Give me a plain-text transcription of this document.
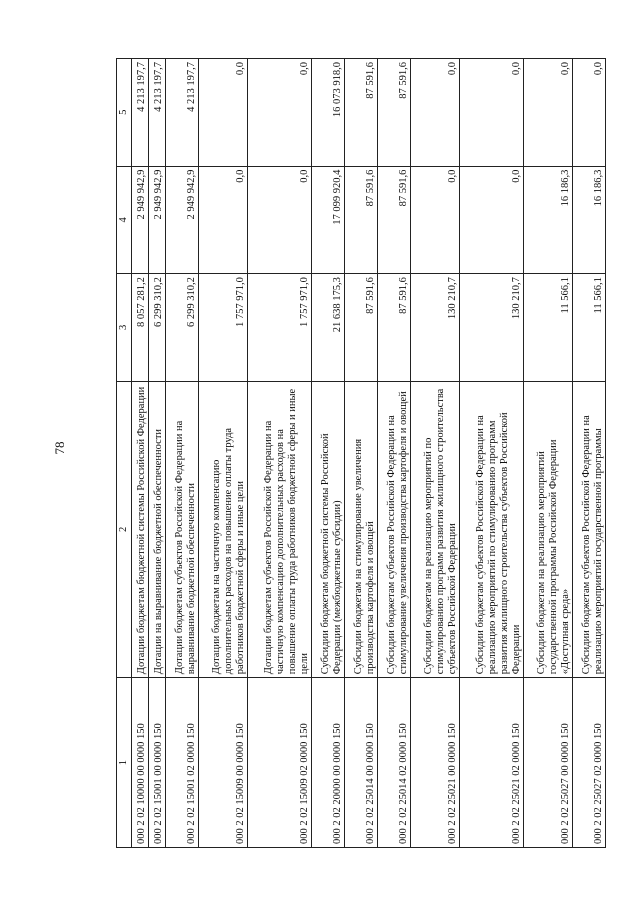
78
1	2	3	4	5
000 2 02 10000 00 0000 150	Дотации бюджетам бюджетной системы Российской Федерации	8 057 281,2	2 949 942,9	4 213 197,7
000 2 02 15001 00 0000 150	Дотации на выравнивание бюджетной обеспеченности	6 299 310,2	2 949 942,9	4 213 197,7
000 2 02 15001 02 0000 150	Дотации бюджетам субъектов Российской Федерации на выравнивание бюджетной обеспеченности	6 299 310,2	2 949 942,9	4 213 197,7
000 2 02 15009 00 0000 150	Дотации бюджетам на частичную компенсацию дополнительных расходов на повышение оплаты труда работников бюджетной сферы и иные цели	1 757 971,0	0,0	0,0
000 2 02 15009 02 0000 150	Дотации бюджетам субъектов Российской Федерации на частичную компенсацию дополнительных расходов на повышение оплаты труда работников бюджетной сферы и иные цели	1 757 971,0	0,0	0,0
000 2 02 20000 00 0000 150	Субсидии бюджетам бюджетной системы Российской Федерации (межбюджетные субсидии)	21 638 175,3	17 099 920,4	16 073 918,0
000 2 02 25014 00 0000 150	Субсидии бюджетам на стимулирование увеличения производства картофеля и овощей	87 591,6	87 591,6	87 591,6
000 2 02 25014 02 0000 150	Субсидии бюджетам субъектов Российской Федерации на стимулирование увеличения производства картофеля и овощей	87 591,6	87 591,6	87 591,6
000 2 02 25021 00 0000 150	Субсидии бюджетам на реализацию мероприятий по стимулированию программ развития жилищного строительства субъектов Российской Федерации	130 210,7	0,0	0,0
000 2 02 25021 02 0000 150	Субсидии бюджетам субъектов Российской Федерации на реализацию мероприятий по стимулированию программ развития жилищного строительства субъектов Российской Федерации	130 210,7	0,0	0,0
000 2 02 25027 00 0000 150	Субсидии бюджетам на реализацию мероприятий государственной программы Российской Федерации «Доступная среда»	11 566,1	16 186,3	0,0
000 2 02 25027 02 0000 150	Субсидии бюджетам субъектов Российской Федерации на реализацию мероприятий государственной программы	11 566,1	16 186,3	0,0
